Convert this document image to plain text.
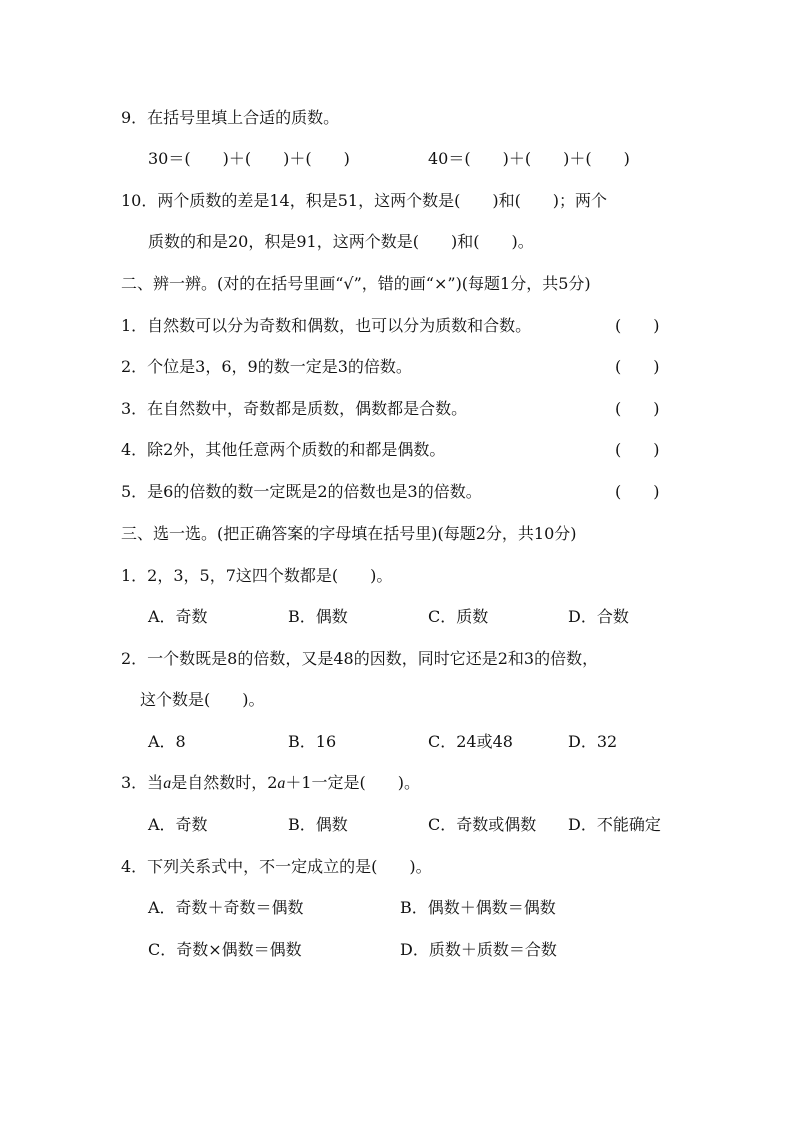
9．在括号里填上合适的质数。
30＝(　　)＋(　　)＋(　　)	40＝(　　)＋(　　)＋(　　)
10．两个质数的差是14，积是51，这两个数是(　　)和(　　)；两个
质数的和是20，积是91，这两个数是(　　)和(　　)。
二、辨一辨。(对的在括号里画“√”，错的画“×”)(每题1分，共5分)
1．自然数可以分为奇数和偶数，也可以分为质数和合数。	(　　)
2．个位是3，6，9的数一定是3的倍数。	(　　)
3．在自然数中，奇数都是质数，偶数都是合数。	(　　)
4．除2外，其他任意两个质数的和都是偶数。	(　　)
5．是6的倍数的数一定既是2的倍数也是3的倍数。	(　　)
三、选一选。(把正确答案的字母填在括号里)(每题2分，共10分)
1．2，3，5，7这四个数都是(　　)。
A．奇数	B．偶数	C．质数	D．合数
2．一个数既是8的倍数，又是48的因数，同时它还是2和3的倍数，
这个数是(　　)。
A．8	B．16	C．24或48	D．32
3．当a是自然数时，2a＋1一定是(　　)。
A．奇数	B．偶数	C．奇数或偶数 D．不能确定
4．下列关系式中，不一定成立的是(　　)。
A．奇数＋奇数＝偶数	B．偶数＋偶数＝偶数
C．奇数×偶数＝偶数	D．质数＋质数＝合数
